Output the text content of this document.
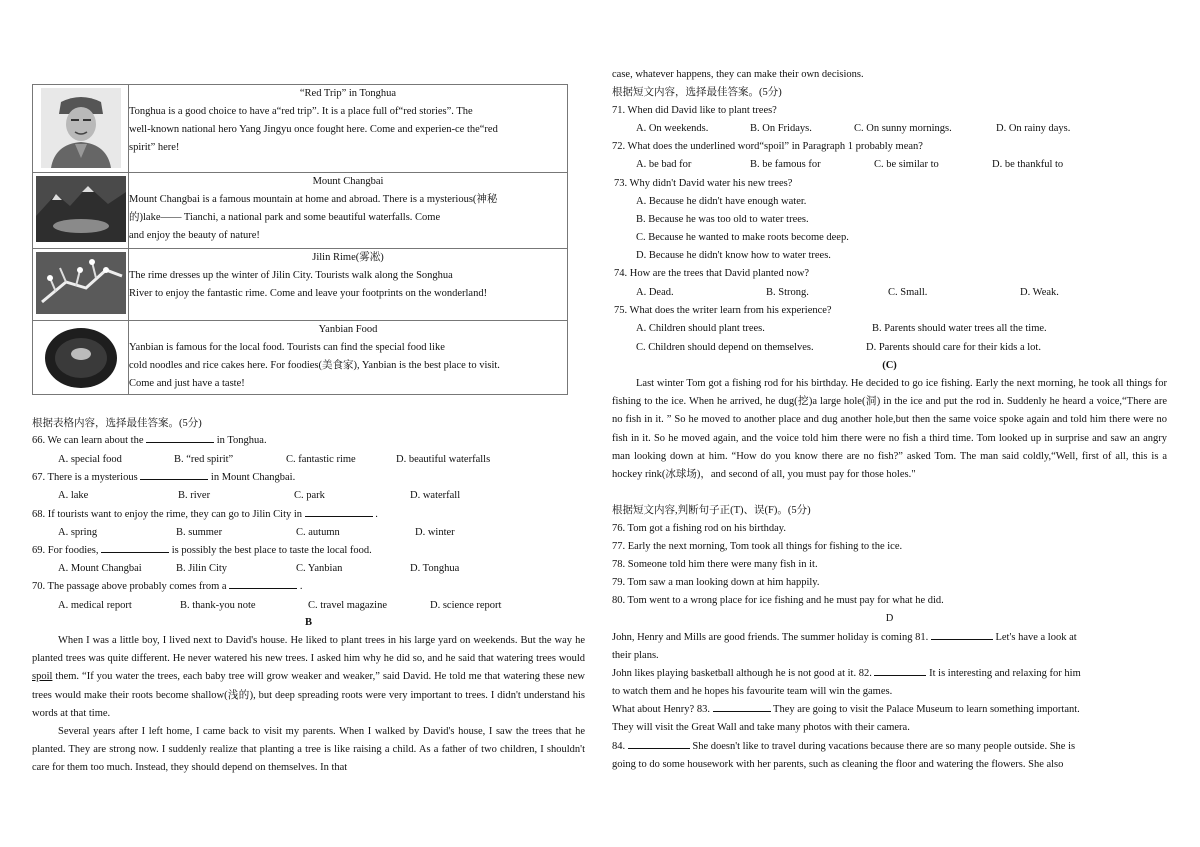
“Red Trip” in Tonghua
Tonghua is a good choice to have a“red trip”. It is a place full of“red stories”. The
well-known national hero Yang Jingyu once fought here. Come and experien-ce the“red
spirit” here!

Mount Changbai
Mount Changbai is a famous mountain at home and abroad. There is a mysterious(神秘
的)lake—— Tianchi, a national park and some beautiful waterfalls. Come
and enjoy the beauty of nature!

Jilin Rime(雾凇)
The rime dresses up the winter of Jilin City. Tourists walk along the Songhua
River to enjoy the fantastic rime. Come and leave your footprints on the wonderland!

Yanbian Food
Yanbian is famous for the local food. Tourists can find the special food like
cold noodles and rice cakes here. For foodies(美食家), Yanbian is the best place to visit.
Come and just have a taste!
根据表格内容，选择最佳答案。(5分)
66. We can learn about the	in Tonghua.
A. special food	B. “red spirit”	C. fantastic rime	D. beautiful waterfalls
67. There is a mysterious	in Mount Changbai.
A. lake	B. river	C. park	D. waterfall
68. If tourists want to enjoy the rime, they can go to Jilin City in	.
A. spring	B. summer	C. autumn	D. winter
69. For foodies,	is possibly the best place to taste the local food.
A. Mount Changbai	B. Jilin City	C. Yanbian	D. Tonghua
70. The passage above probably comes from a	.
A. medical report	B. thank-you note	C. travel magazine	D. science report
B
When I was a little boy, I lived next to David's house. He liked to plant trees in his large yard on weekends. But the way he planted trees was quite different. He never watered his new trees. I asked him why he did so, and he said that watering trees would spoil them. “If you water the trees, each baby tree will grow weaker and weaker,” said David. He told me that watering these new trees would make their roots become shallow(浅的), but deep spreading roots were very important to trees. I didn't understand his words at that time.
Several years after I left home, I came back to visit my parents. When I walked by David's house, I saw the trees that he planted. They are strong now. I suddenly realize that planting a tree is like raising a child. As a father of two children, I shouldn't care for them too much. Instead, they should depend on themselves. In that
case, whatever happens, they can make their own decisions.
根据短文内容，选择最佳答案。(5分)
71. When did David like to plant trees?
A. On weekends.	B. On Fridays.	C. On sunny mornings.	D. On rainy days.
72. What does the underlined word“spoil” in Paragraph 1 probably mean?
A. be bad for	B. be famous for	C. be similar to	D. be thankful to
73. Why didn't David water his new trees?
A. Because he didn't have enough water.
B. Because he was too old to water trees.
C. Because he wanted to make roots become deep.
D. Because he didn't know how to water trees.
74. How are the trees that David planted now?
A. Dead.	B. Strong.	C. Small.	D. Weak.
75. What does the writer learn from his experience?
A. Children should plant trees.	B. Parents should water trees all the time.
C. Children should depend on themselves.	D. Parents should care for their kids a lot.
(C)
Last winter Tom got a fishing rod for his birthday. He decided to go ice fishing. Early the next morning, he took all things for fishing to the ice. When he arrived, he dug(挖)a large hole(洞) in the ice and put the rod in. Suddenly he heard a voice,“There are no fish in it. ” So he moved to another place and dug another hole,but then the same voice spoke again and told him there were no fish in it. So he moved again, and the voice told him there were no fish a third time. Tom looked up in surprise and saw an angry man looking down at him. “How do you know there are no fish?” asked Tom. The man said coldly,“Well, first of all, this is a hockey rink(冰球场)，and second of all, you must pay for those holes."
根据短文内容,判断句子正(T)、误(F)。(5分)
76. Tom got a fishing rod on his birthday.
77. Early the next morning, Tom took all things for fishing to the ice.
78. Someone told him there were many fish in it.
79. Tom saw a man looking down at him happily.
80. Tom went to a wrong place for ice fishing and he must pay for what he did.
D
John, Henry and Mills are good friends. The summer holiday is coming 81.	Let's have a look at
their plans.
John likes playing basketball although he is not good at it. 82.	It is interesting and relaxing for him
to watch them and he hopes his favourite team will win the games.
What about Henry? 83.	They are going to visit the Palace Museum to learn something important.
They will visit the Great Wall and take many photos with their camera.
84.	She doesn't like to travel during vacations because there are so many people outside. She is
going to do some housework with her parents, such as cleaning the floor and watering the flowers. She also
